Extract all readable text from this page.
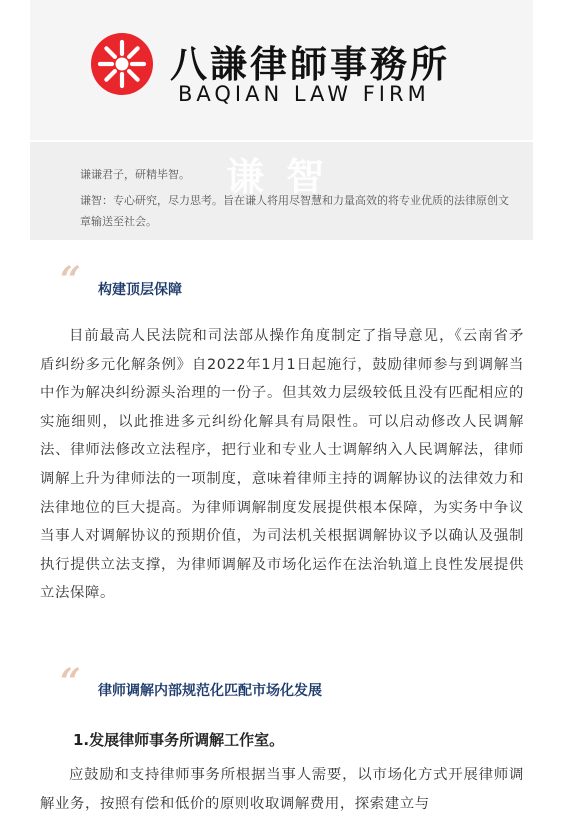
八謙律師事務所
BAQIAN LAW FIRM
谦智
谦谦君子，研精毕智。
谦智：专心研究，尽力思考。旨在谦人将用尽智慧和力量高效的将专业优质的法律原创文章输送至社会。
“ 构建顶层保障
目前最高人民法院和司法部从操作角度制定了指导意见，《云南省矛盾纠纷多元化解条例》自2022年1月1日起施行，鼓励律师参与到调解当中作为解决纠纷源头治理的一份子。但其效力层级较低且没有匹配相应的实施细则，以此推进多元纠纷化解具有局限性。可以启动修改人民调解法、律师法修改立法程序，把行业和专业人士调解纳入人民调解法，律师调解上升为律师法的一项制度，意味着律师主持的调解协议的法律效力和法律地位的巨大提高。为律师调解制度发展提供根本保障，为实务中争议当事人对调解协议的预期价值，为司法机关根据调解协议予以确认及强制执行提供立法支撑，为律师调解及市场化运作在法治轨道上良性发展提供立法保障。
“ 律师调解内部规范化匹配市场化发展
1.发展律师事务所调解工作室。
应鼓励和支持律师事务所根据当事人需要，以市场化方式开展律师调解业务，按照有偿和低价的原则收取调解费用，探索建立与
